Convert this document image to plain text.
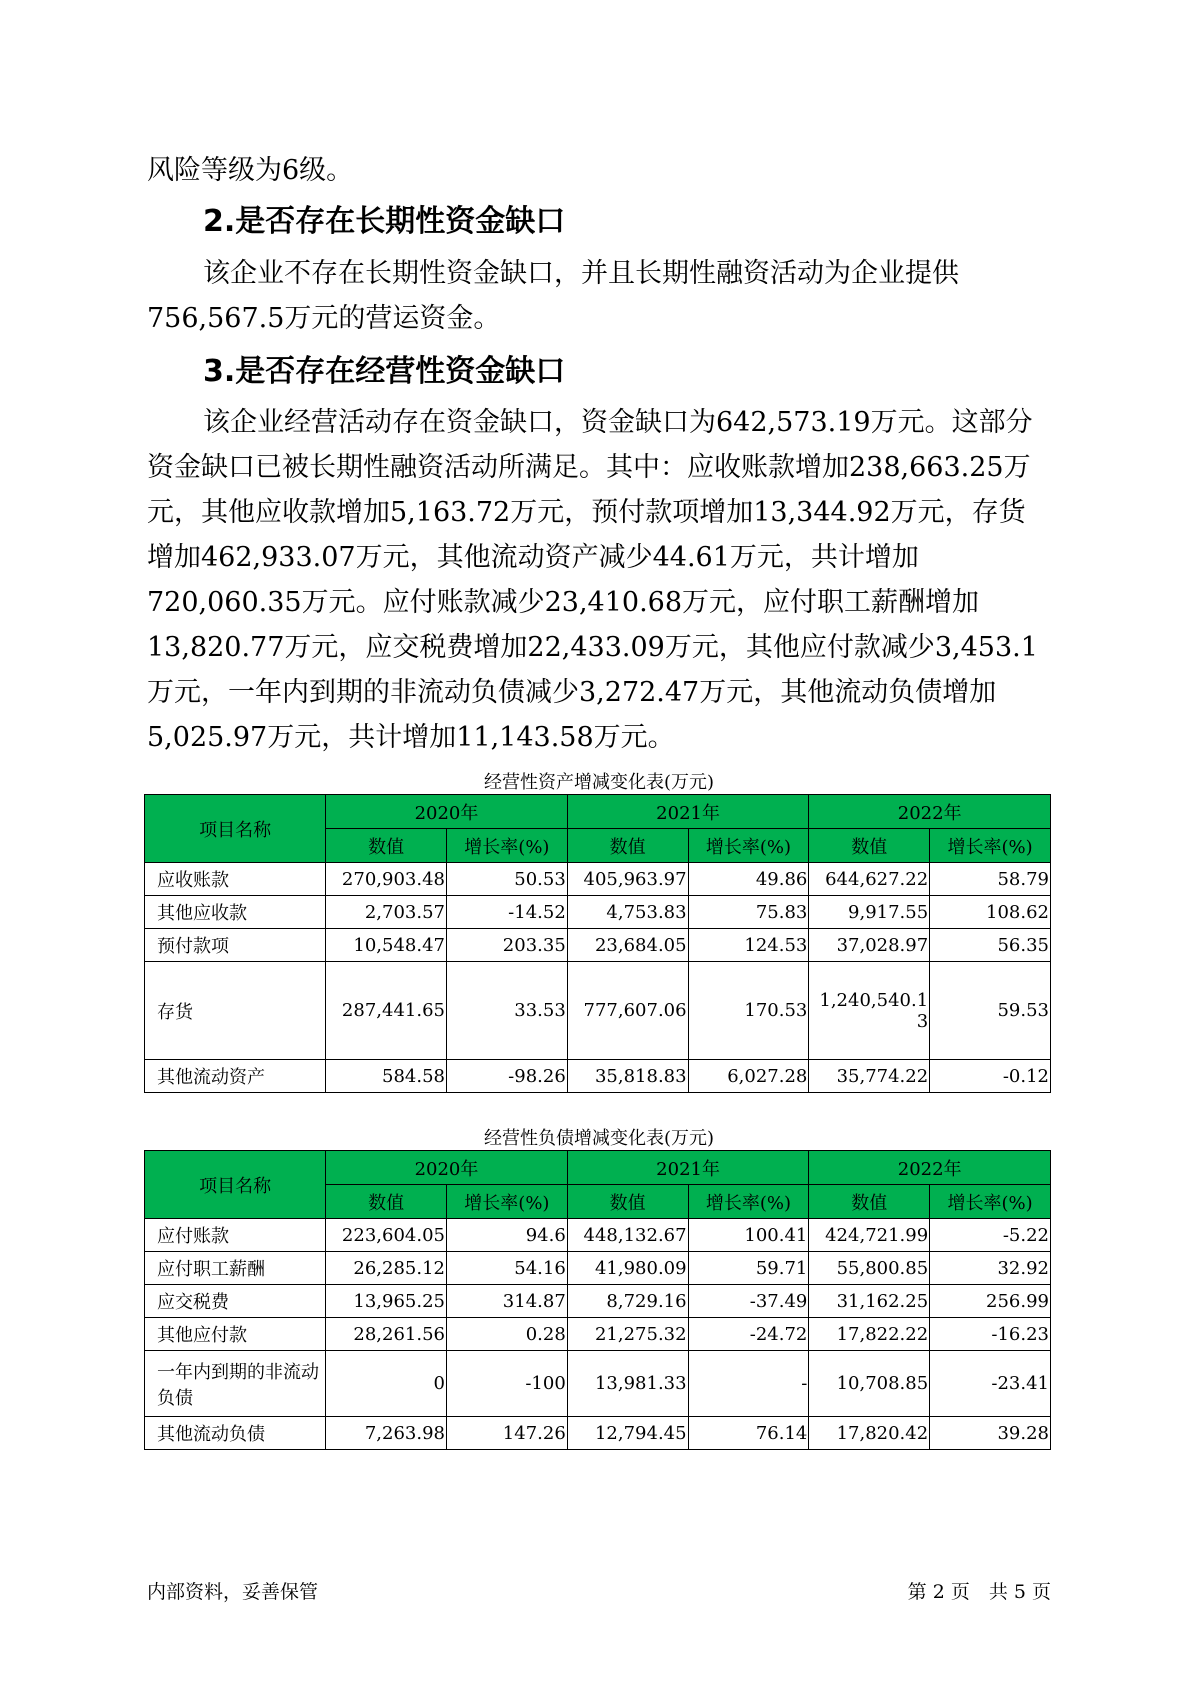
风险等级为6级。

2.是否存在长期性资金缺口

该企业不存在长期性资金缺口，并且长期性融资活动为企业提供756,567.5万元的营运资金。

3.是否存在经营性资金缺口

该企业经营活动存在资金缺口，资金缺口为642,573.19万元。这部分资金缺口已被长期性融资活动所满足。其中：应收账款增加238,663.25万元，其他应收款增加5,163.72万元，预付款项增加13,344.92万元，存货增加462,933.07万元，其他流动资产减少44.61万元，共计增加720,060.35万元。应付账款减少23,410.68万元，应付职工薪酬增加13,820.77万元，应交税费增加22,433.09万元，其他应付款减少3,453.1万元，一年内到期的非流动负债减少3,272.47万元，其他流动负债增加5,025.97万元，共计增加11,143.58万元。

经营性资产增减变化表(万元)
项目名称	2020年		2021年		2022年	
	数值	增长率(%)	数值	增长率(%)	数值	增长率(%)
应收账款	270,903.48	50.53	405,963.97	49.86	644,627.22	58.79
其他应收款	2,703.57	-14.52	4,753.83	75.83	9,917.55	108.62
预付款项	10,548.47	203.35	23,684.05	124.53	37,028.97	56.35
存货	287,441.65	33.53	777,607.06	170.53	1,240,540.13	59.53
其他流动资产	584.58	-98.26	35,818.83	6,027.28	35,774.22	-0.12
经营性负债增减变化表(万元)
项目名称	2020年		2021年		2022年	
	数值	增长率(%)	数值	增长率(%)	数值	增长率(%)
应付账款	223,604.05	94.6	448,132.67	100.41	424,721.99	-5.22
应付职工薪酬	26,285.12	54.16	41,980.09	59.71	55,800.85	32.92
应交税费	13,965.25	314.87	8,729.16	-37.49	31,162.25	256.99
其他应付款	28,261.56	0.28	21,275.32	-24.72	17,822.22	-16.23
一年内到期的非流动负债	0	-100	13,981.33	-	10,708.85	-23.41
其他流动负债	7,263.98	147.26	12,794.45	76.14	17,820.42	39.28
内部资料，妥善保管	第 2 页　共 5 页
